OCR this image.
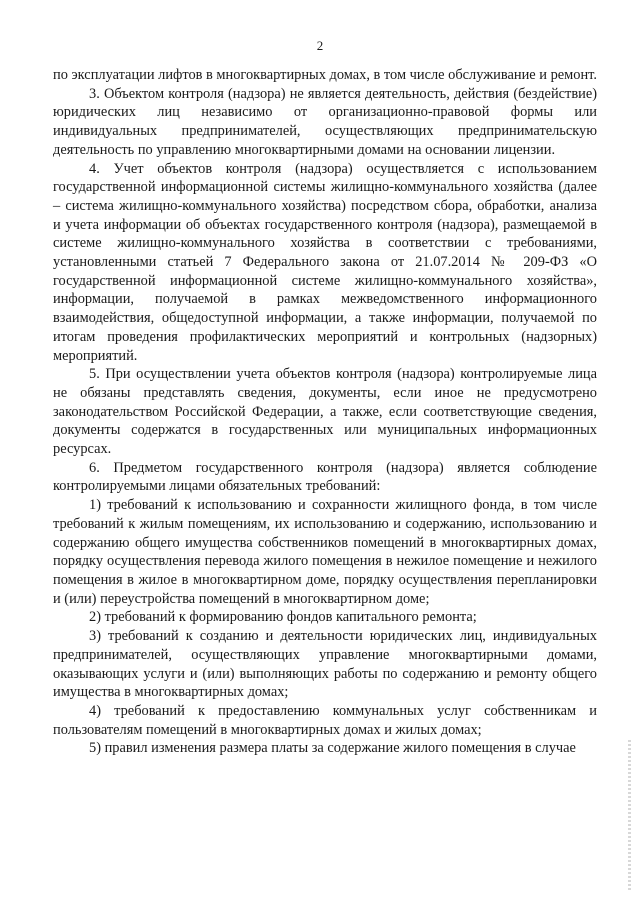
2

по эксплуатации лифтов в многоквартирных домах, в том числе обслуживание и ремонт.

3. Объектом контроля (надзора) не является деятельность, действия (бездействие) юридических лиц независимо от организационно-правовой формы или индивидуальных предпринимателей, осуществляющих предпринимательскую деятельность по управлению многоквартирными домами на основании лицензии.

4. Учет объектов контроля (надзора) осуществляется с использованием государственной информационной системы жилищно-коммунального хозяйства (далее – система жилищно-коммунального хозяйства) посредством сбора, обработки, анализа и учета информации об объектах государственного контроля (надзора), размещаемой в системе жилищно-коммунального хозяйства в соответствии с требованиями, установленными статьей 7 Федерального закона от 21.07.2014 № 209-ФЗ «О государственной информационной системе жилищно-коммунального хозяйства», информации, получаемой в рамках межведомственного информационного взаимодействия, общедоступной информации, а также информации, получаемой по итогам проведения профилактических мероприятий и контрольных (надзорных) мероприятий.

5. При осуществлении учета объектов контроля (надзора) контролируемые лица не обязаны представлять сведения, документы, если иное не предусмотрено законодательством Российской Федерации, а также, если соответствующие сведения, документы содержатся в государственных или муниципальных информационных ресурсах.

6. Предметом государственного контроля (надзора) является соблюдение контролируемыми лицами обязательных требований:

1) требований к использованию и сохранности жилищного фонда, в том числе требований к жилым помещениям, их использованию и содержанию, использованию и содержанию общего имущества собственников помещений в многоквартирных домах, порядку осуществления перевода жилого помещения в нежилое помещение и нежилого помещения в жилое в многоквартирном доме, порядку осуществления перепланировки и (или) переустройства помещений в многоквартирном доме;

2) требований к формированию фондов капитального ремонта;

3) требований к созданию и деятельности юридических лиц, индивидуальных предпринимателей, осуществляющих управление многоквартирными домами, оказывающих услуги и (или) выполняющих работы по содержанию и ремонту общего имущества в многоквартирных домах;

4) требований к предоставлению коммунальных услуг собственникам и пользователям помещений в многоквартирных домах и жилых домах;

5) правил изменения размера платы за содержание жилого помещения в случае
